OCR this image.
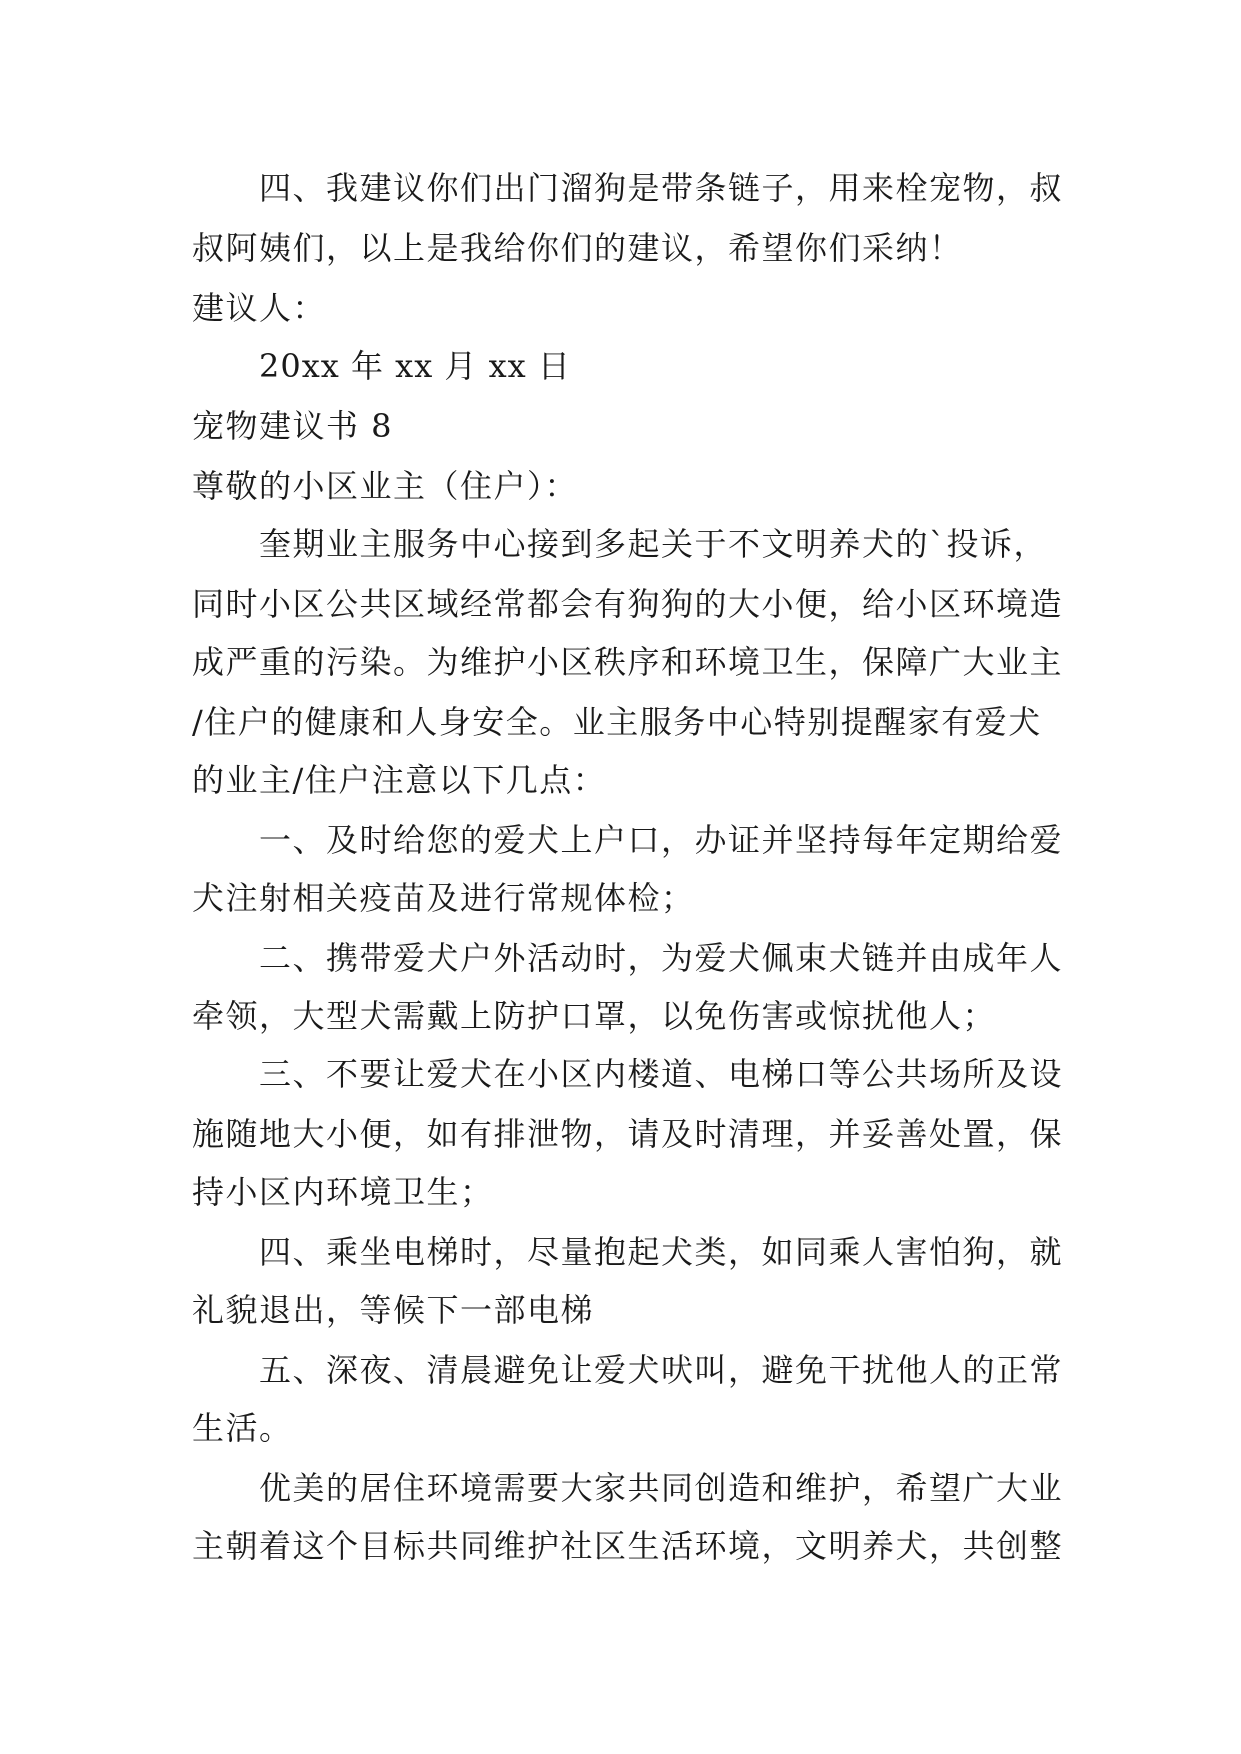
四、我建议你们出门溜狗是带条链子，用来栓宠物，叔
叔阿姨们，以上是我给你们的建议，希望你们采纳！
建议人：
20xx 年 xx 月 xx 日
宠物建议书 8
尊敬的小区业主（住户）：
奎期业主服务中心接到多起关于不文明养犬的`投诉，
同时小区公共区域经常都会有狗狗的大小便，给小区环境造
成严重的污染。为维护小区秩序和环境卫生，保障广大业主
/住户的健康和人身安全。业主服务中心特别提醒家有爱犬
的业主/住户注意以下几点：
一、及时给您的爱犬上户口，办证并坚持每年定期给爱
犬注射相关疫苗及进行常规体检；
二、携带爱犬户外活动时，为爱犬佩束犬链并由成年人
牵领，大型犬需戴上防护口罩，以免伤害或惊扰他人；
三、不要让爱犬在小区内楼道、电梯口等公共场所及设
施随地大小便，如有排泄物，请及时清理，并妥善处置，保
持小区内环境卫生；
四、乘坐电梯时，尽量抱起犬类，如同乘人害怕狗，就
礼貌退出，等候下一部电梯
五、深夜、清晨避免让爱犬吠叫，避免干扰他人的正常
生活。
优美的居住环境需要大家共同创造和维护，希望广大业
主朝着这个目标共同维护社区生活环境，文明养犬，共创整
